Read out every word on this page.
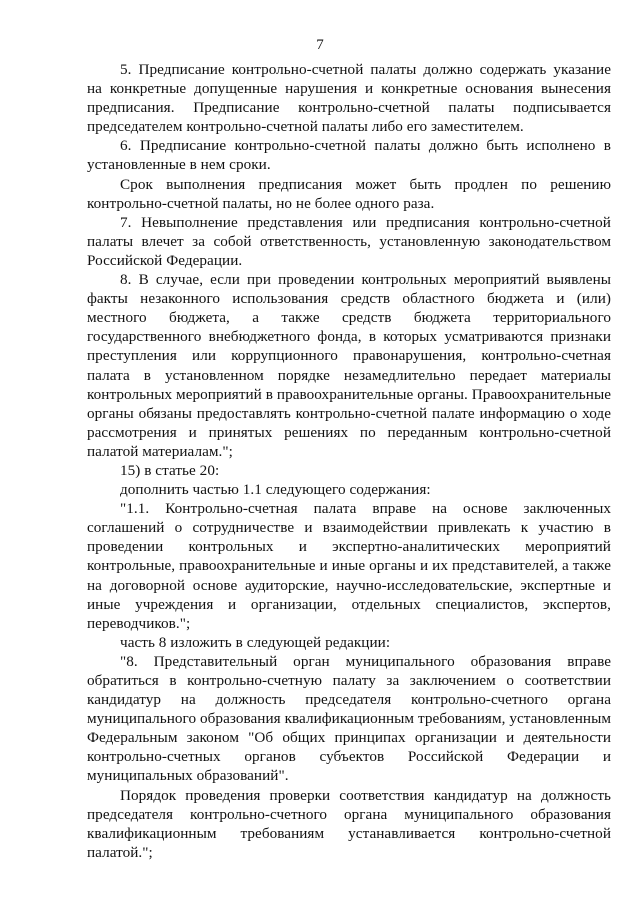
7

5. Предписание контрольно-счетной палаты должно содержать указание на конкретные допущенные нарушения и конкретные основания вынесения предписания. Предписание контрольно-счетной палаты подписывается председателем контрольно-счетной палаты либо его заместителем.

6. Предписание контрольно-счетной палаты должно быть исполнено в установленные в нем сроки.

Срок выполнения предписания может быть продлен по решению контрольно-счетной палаты, но не более одного раза.

7. Невыполнение представления или предписания контрольно-счетной палаты влечет за собой ответственность, установленную законодательством Российской Федерации.

8. В случае, если при проведении контрольных мероприятий выявлены факты незаконного использования средств областного бюджета и (или) местного бюджета, а также средств бюджета территориального государственного внебюджетного фонда, в которых усматриваются признаки преступления или коррупционного правонарушения, контрольно-счетная палата в установленном порядке незамедлительно передает материалы контрольных мероприятий в правоохранительные органы. Правоохранительные органы обязаны предоставлять контрольно-счетной палате информацию о ходе рассмотрения и принятых решениях по переданным контрольно-счетной палатой материалам.";

15) в статье 20:

дополнить частью 1.1 следующего содержания:

"1.1. Контрольно-счетная палата вправе на основе заключенных соглашений о сотрудничестве и взаимодействии привлекать к участию в проведении контрольных и экспертно-аналитических мероприятий контрольные, правоохранительные и иные органы и их представителей, а также на договорной основе аудиторские, научно-исследовательские, экспертные и иные учреждения и организации, отдельных специалистов, экспертов, переводчиков.";

часть 8 изложить в следующей редакции:

"8. Представительный орган муниципального образования вправе обратиться в контрольно-счетную палату за заключением о соответствии кандидатур на должность председателя контрольно-счетного органа муниципального образования квалификационным требованиям, установленным Федеральным законом "Об общих принципах организации и деятельности контрольно-счетных органов субъектов Российской Федерации и муниципальных образований".

Порядок проведения проверки соответствия кандидатур на должность председателя контрольно-счетного органа муниципального образования квалификационным требованиям устанавливается контрольно-счетной палатой.";
